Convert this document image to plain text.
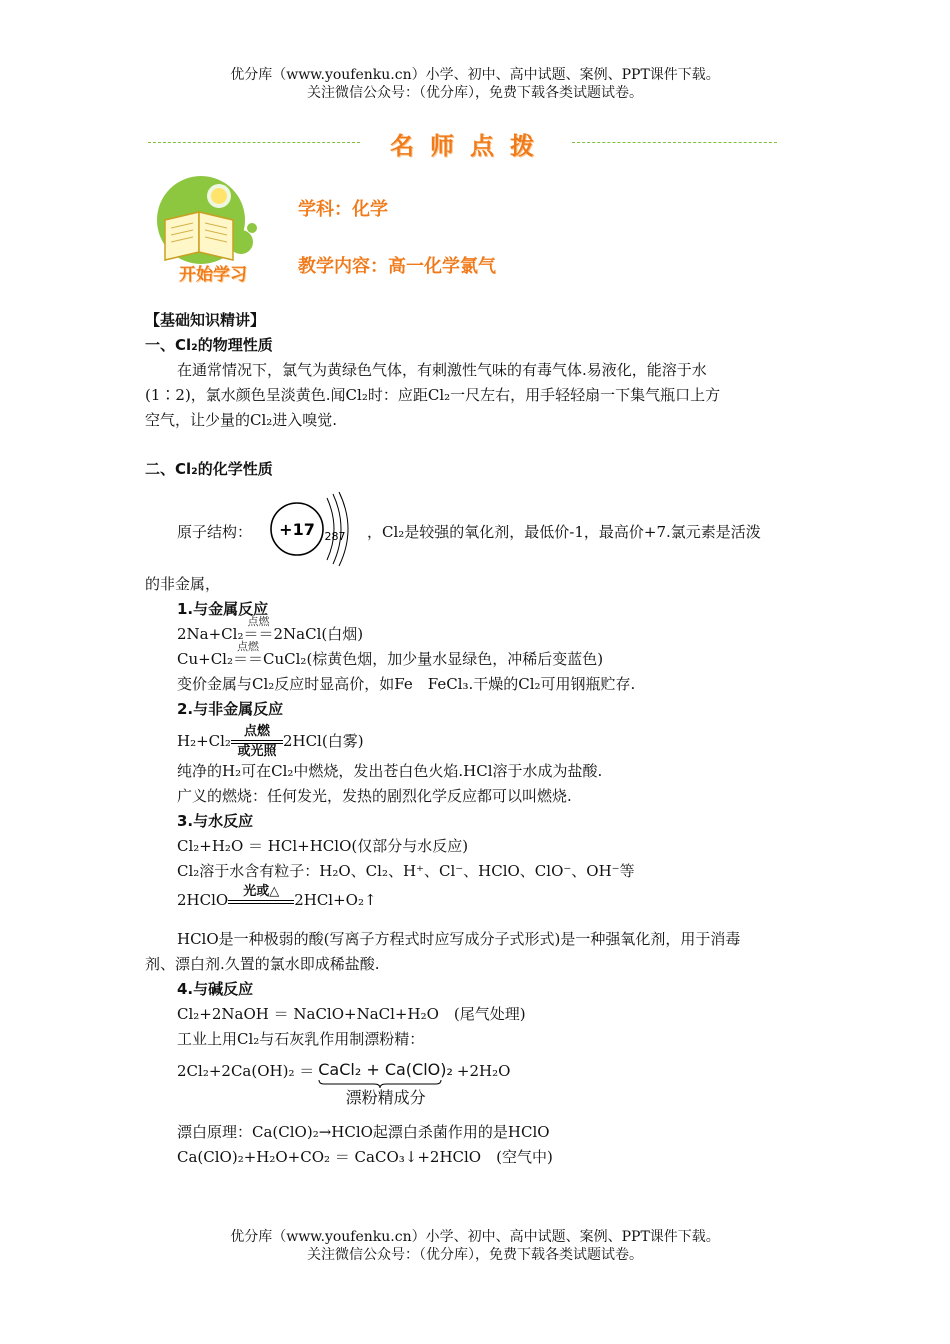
优分库（www.youfenku.cn）小学、初中、高中试题、案例、PPT课件下载。
关注微信公众号：（优分库），免费下载各类试题试卷。
名师点拨
开始学习
学科：化学
教学内容：高一化学氯气

【基础知识精讲】

一、Cl₂的物理性质

在通常情况下，氯气为黄绿色气体，有刺激性气味的有毒气体.易液化，能溶于水

(1∶2)，氯水颜色呈淡黄色.闻Cl₂时：应距Cl₂一尺左右，用手轻轻扇一下集气瓶口上方

空气，让少量的Cl₂进入嗅觉.

二、Cl₂的化学性质

原子结构： +17 287 ，Cl₂是较强的氧化剂，最低价-1，最高价+7.氯元素是活泼

的非金属，

1.与金属反应

2Na+Cl₂
点燃
＝＝2NaCl(白烟)

Cu+Cl₂
点燃
＝＝CuCl₂(棕黄色烟，加少量水显绿色，冲稀后变蓝色)

变价金属与Cl₂反应时显高价，如Fe　FeCl₃.干燥的Cl₂可用钢瓶贮存.

2.与非金属反应

H₂+Cl₂
点燃
或光照
2HCl(白雾)

纯净的H₂可在Cl₂中燃烧，发出苍白色火焰.HCl溶于水成为盐酸.

广义的燃烧：任何发光，发热的剧烈化学反应都可以叫燃烧.

3.与水反应

Cl₂+H₂O ＝ HCl+HClO(仅部分与水反应)

Cl₂溶于水含有粒子：H₂O、Cl₂、H⁺、Cl⁻、HClO、ClO⁻、OH⁻等

2HClO	光或△	2HCl+O₂↑

HClO是一种极弱的酸(写离子方程式时应写成分子式形式)是一种强氧化剂，用于消毒

剂、漂白剂.久置的氯水即成稀盐酸.

4.与碱反应

Cl₂+2NaOH ＝ NaClO+NaCl+H₂O　(尾气处理)

工业上用Cl₂与石灰乳作用制漂粉精：

2Cl₂+2Ca(OH)₂ ＝ CaCl₂ + Ca(ClO)₂
漂粉精成分
+2H₂O

漂白原理：Ca(ClO)₂→HClO起漂白杀菌作用的是HClO

Ca(ClO)₂+H₂O+CO₂ ＝ CaCO₃↓+2HClO　(空气中)

优分库（www.youfenku.cn）小学、初中、高中试题、案例、PPT课件下载。
关注微信公众号：（优分库），免费下载各类试题试卷。
